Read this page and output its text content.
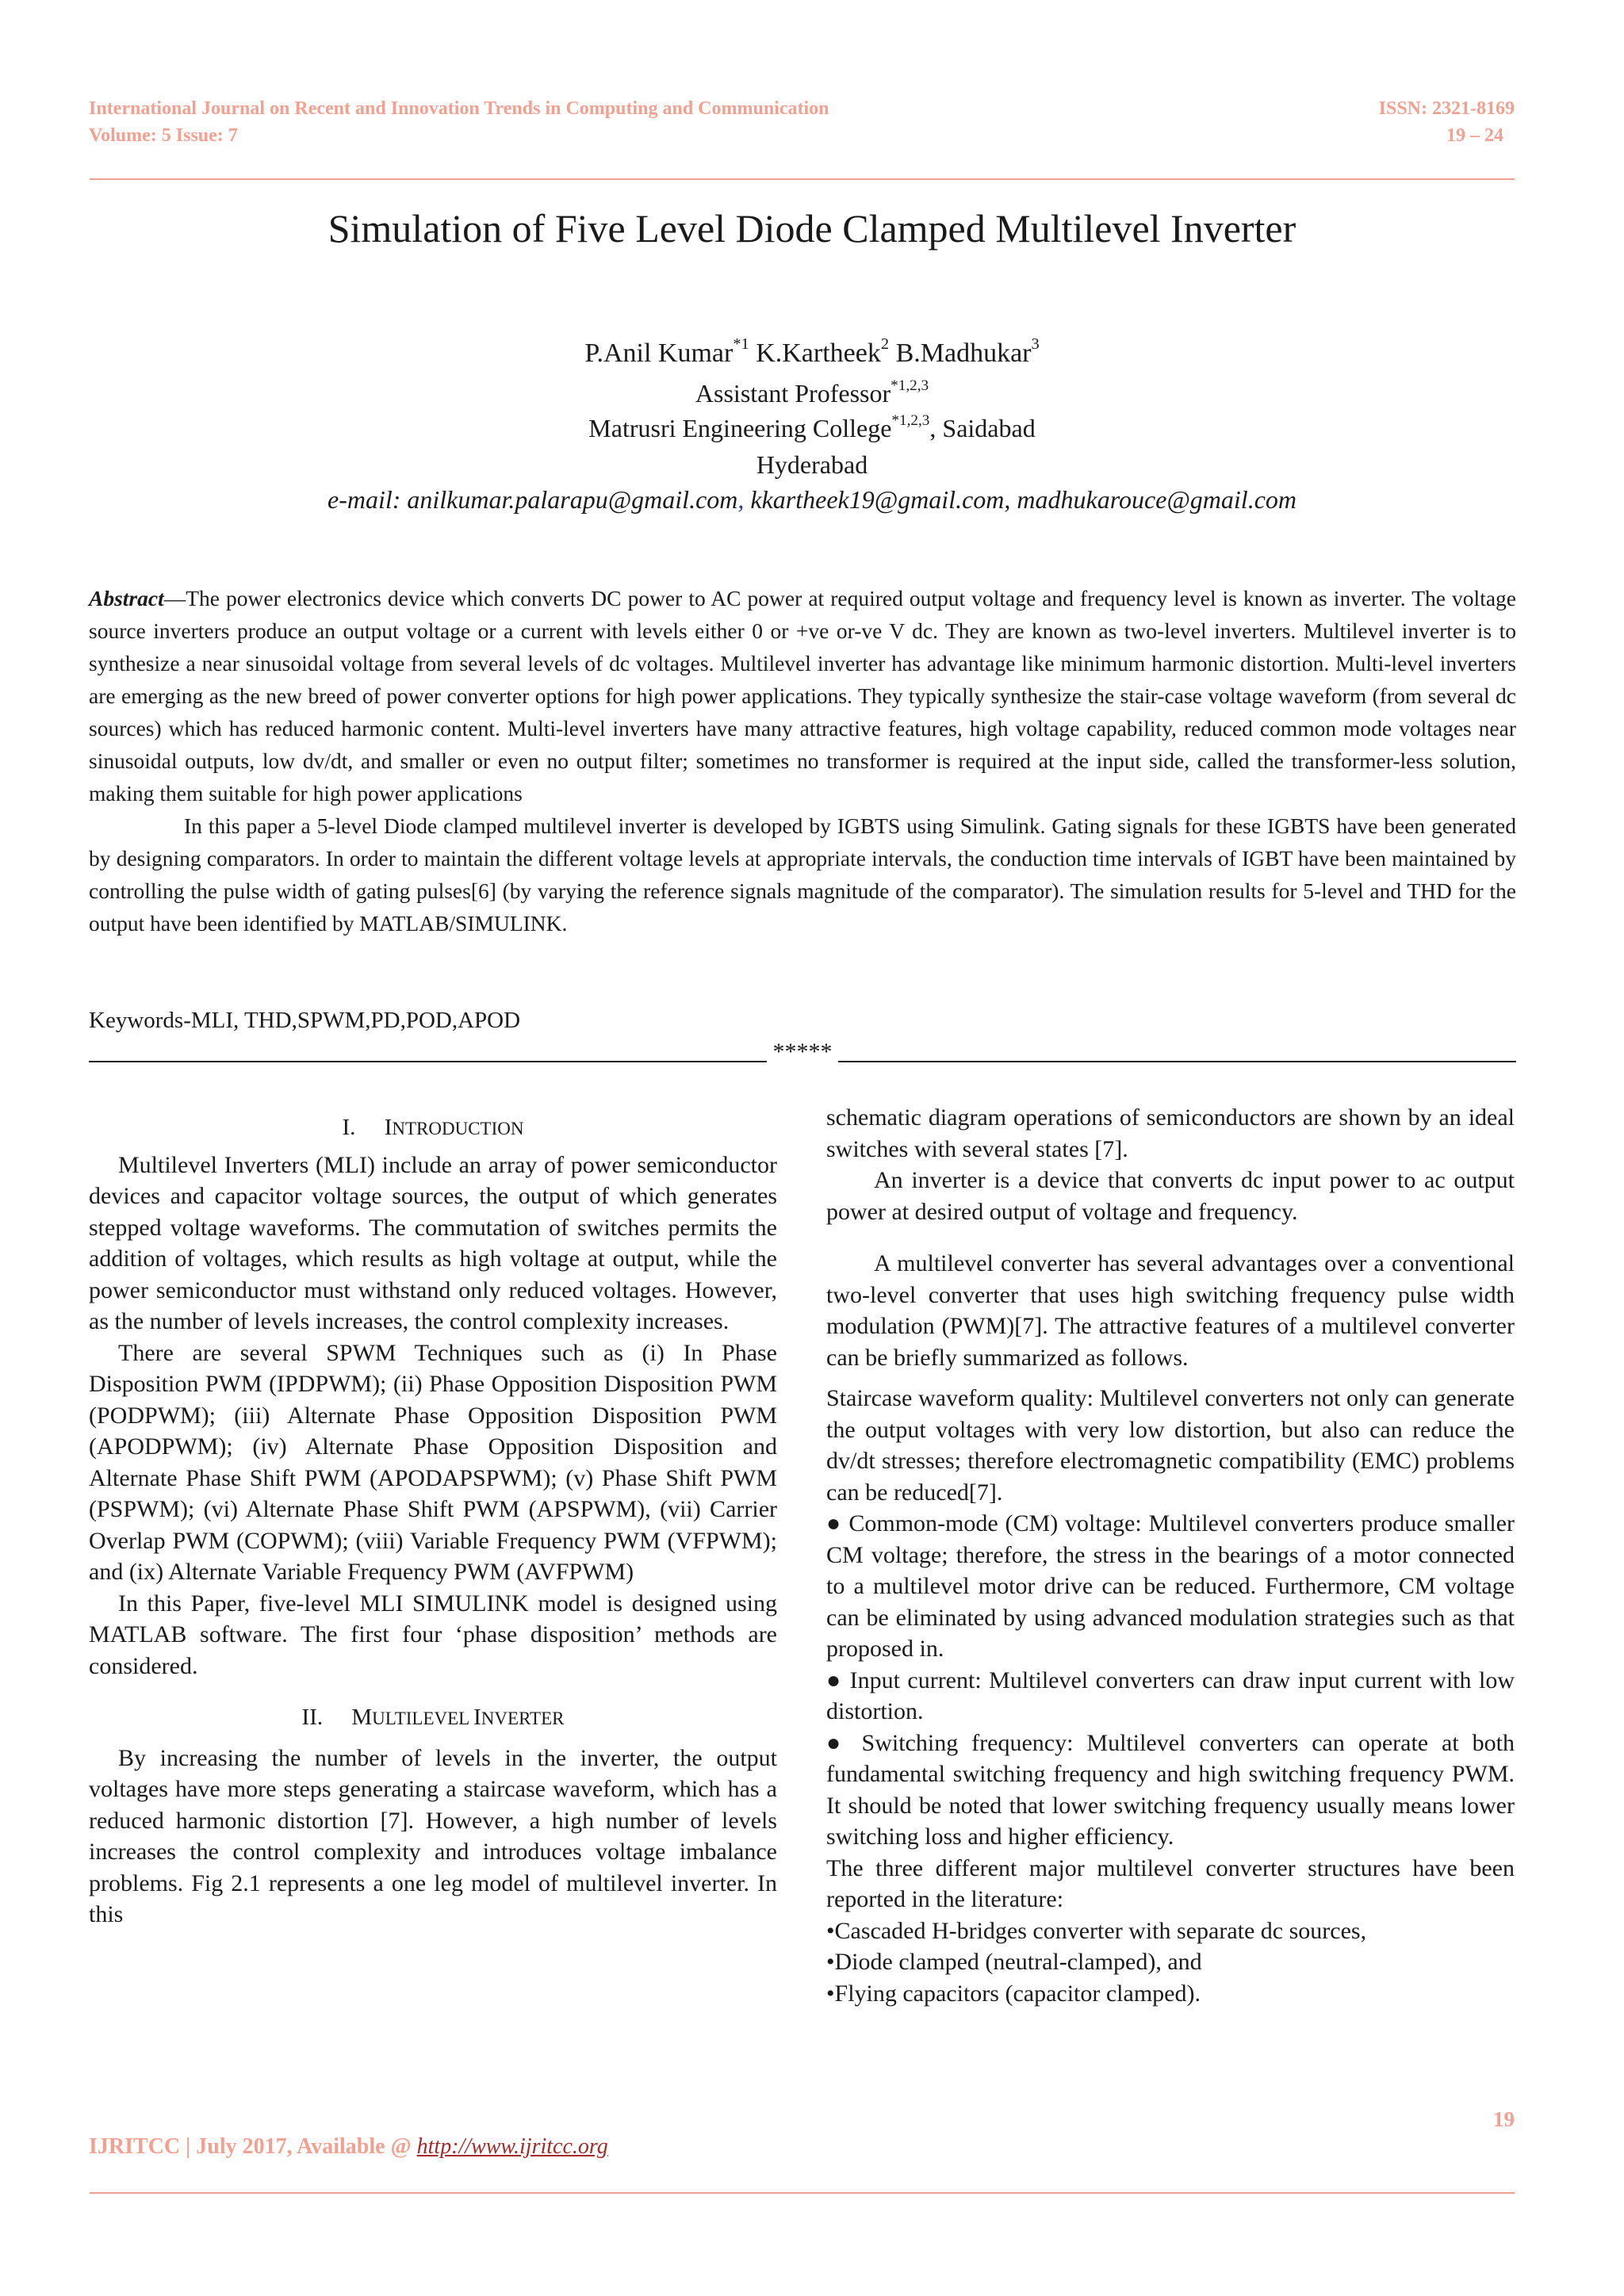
International Journal on Recent and Innovation Trends in Computing and Communication
Volume: 5 Issue: 7
ISSN: 2321-8169
19 – 24
Simulation of Five Level Diode Clamped Multilevel Inverter
P.Anil Kumar$^{*1}$ K.Kartheek$^2$ B.Madhukar$^3$
Assistant Professor$^{*1,2,3}$
Matrusri Engineering College$^{*1,2,3}$, Saidabad
Hyderabad
e-mail: anilkumar.palarapu@gmail.com, kkartheek19@gmail.com, madhukarouce@gmail.com

Abstract—The power electronics device which converts DC power to AC power at required output voltage and frequency level is known as inverter. The voltage source inverters produce an output voltage or a current with levels either 0 or +ve or-ve V dc. They are known as two-level inverters. Multilevel inverter is to synthesize a near sinusoidal voltage from several levels of dc voltages. Multilevel inverter has advantage like minimum harmonic distortion. Multi-level inverters are emerging as the new breed of power converter options for high power applications. They typically synthesize the stair-case voltage waveform (from several dc sources) which has reduced harmonic content. Multi-level inverters have many attractive features, high voltage capability, reduced common mode voltages near sinusoidal outputs, low dv/dt, and smaller or even no output filter; sometimes no transformer is required at the input side, called the transformer-less solution, making them suitable for high power applications

In this paper a 5-level Diode clamped multilevel inverter is developed by IGBTS using Simulink. Gating signals for these IGBTS have been generated by designing comparators. In order to maintain the different voltage levels at appropriate intervals, the conduction time intervals of IGBT have been maintained by controlling the pulse width of gating pulses[6] (by varying the reference signals magnitude of the comparator). The simulation results for 5-level and THD for the output have been identified by MATLAB/SIMULINK.

Keywords-MLI, THD,SPWM,PD,POD,APOD
*****

I. INTRODUCTION

Multilevel Inverters (MLI) include an array of power semiconductor devices and capacitor voltage sources, the output of which generates stepped voltage waveforms. The commutation of switches permits the addition of voltages, which results as high voltage at output, while the power semiconductor must withstand only reduced voltages. However, as the number of levels increases, the control complexity increases.

There are several SPWM Techniques such as (i) In Phase Disposition PWM (IPDPWM); (ii) Phase Opposition Disposition PWM (PODPWM); (iii) Alternate Phase Opposition Disposition PWM (APODPWM); (iv) Alternate Phase Opposition Disposition and Alternate Phase Shift PWM (APODAPSPWM); (v) Phase Shift PWM (PSPWM); (vi) Alternate Phase Shift PWM (APSPWM), (vii) Carrier Overlap PWM (COPWM); (viii) Variable Frequency PWM (VFPWM); and (ix) Alternate Variable Frequency PWM (AVFPWM)

In this Paper, five-level MLI SIMULINK model is designed using MATLAB software. The first four ‘phase disposition’ methods are considered.

II. MULTILEVEL INVERTER

By increasing the number of levels in the inverter, the output voltages have more steps generating a staircase waveform, which has a reduced harmonic distortion [7]. However, a high number of levels increases the control complexity and introduces voltage imbalance problems. Fig 2.1 represents a one leg model of multilevel inverter. In this

schematic diagram operations of semiconductors are shown by an ideal switches with several states [7].

An inverter is a device that converts dc input power to ac output power at desired output of voltage and frequency.

A multilevel converter has several advantages over a conventional two-level converter that uses high switching frequency pulse width modulation (PWM)[7]. The attractive features of a multilevel converter can be briefly summarized as follows.

Staircase waveform quality: Multilevel converters not only can generate the output voltages with very low distortion, but also can reduce the dv/dt stresses; therefore electromagnetic compatibility (EMC) problems can be reduced[7].

● Common-mode (CM) voltage: Multilevel converters produce smaller CM voltage; therefore, the stress in the bearings of a motor connected to a multilevel motor drive can be reduced. Furthermore, CM voltage can be eliminated by using advanced modulation strategies such as that proposed in.

● Input current: Multilevel converters can draw input current with low distortion.

● Switching frequency: Multilevel converters can operate at both fundamental switching frequency and high switching frequency PWM. It should be noted that lower switching frequency usually means lower switching loss and higher efficiency.

The three different major multilevel converter structures have been reported in the literature:

•Cascaded H-bridges converter with separate dc sources,

•Diode clamped (neutral-clamped), and

•Flying capacitors (capacitor clamped).

19
IJRITCC | July 2017, Available @ http://www.ijritcc.org
